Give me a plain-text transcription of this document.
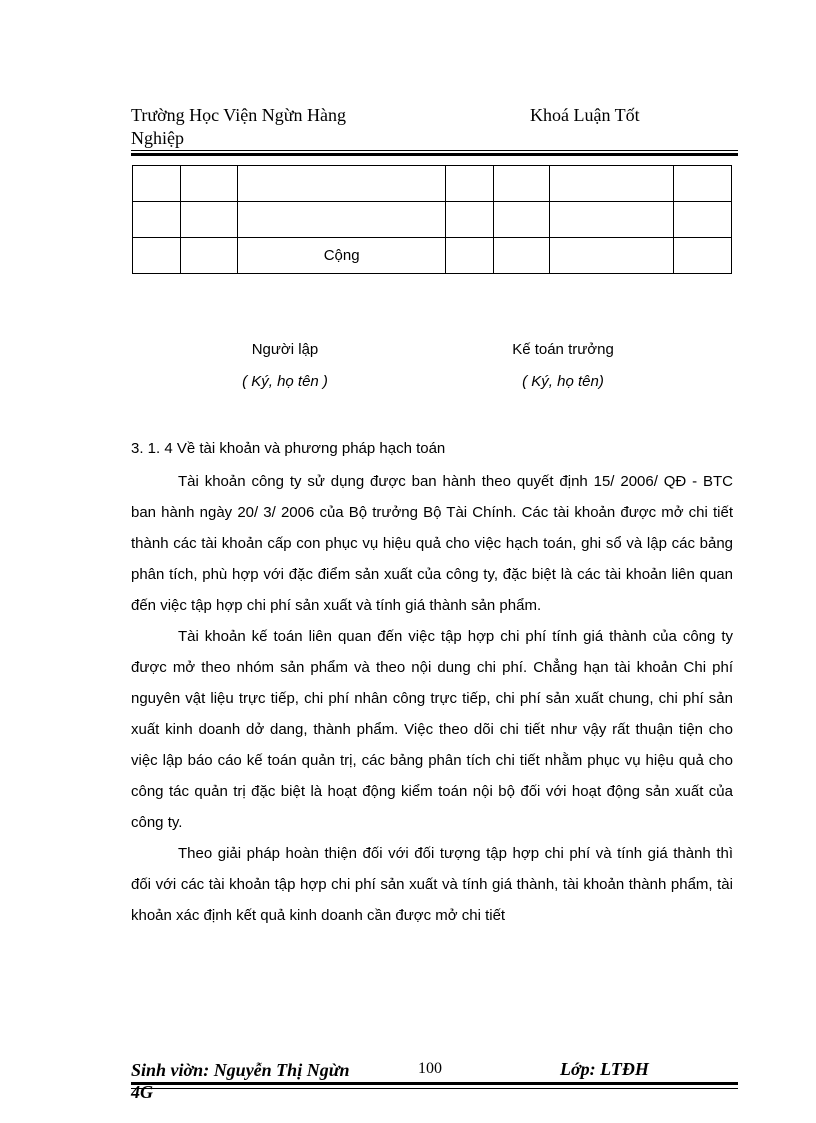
Trường Học Viện Ngừn Hàng
Nghiệp
Khoá Luận Tốt

		Cộng				
Người lập
( Ký, họ tên )
Kế toán trưởng
( Ký, họ tên)
3. 1. 4 Về tài khoản và phương pháp hạch toán

Tài khoản công ty sử dụng được ban hành theo quyết định 15/ 2006/ QĐ - BTC ban hành ngày 20/ 3/ 2006 của Bộ trưởng Bộ Tài Chính. Các tài khoản được mở chi tiết thành các tài khoản cấp con phục vụ hiệu quả cho việc hạch toán, ghi sổ và lập các bảng phân tích, phù hợp với đặc điểm sản xuất của công ty, đặc biệt là các tài khoản liên quan đến việc tập hợp chi phí sản xuất và tính giá thành sản phẩm.

Tài khoản kế toán liên quan đến việc tập hợp chi phí tính giá thành của công ty được mở theo nhóm sản phẩm và theo nội dung chi phí. Chẳng hạn tài khoản Chi phí nguyên vật liệu trực tiếp, chi phí nhân công trực tiếp, chi phí sản xuất chung, chi phí sản xuất kinh doanh dở dang, thành phẩm. Việc theo dõi chi tiết như vậy rất thuận tiện cho việc lập báo cáo kế toán quản trị, các bảng phân tích chi tiết nhằm phục vụ hiệu quả cho công tác quản trị đặc biệt là hoạt động kiểm toán nội bộ đối với hoạt động sản xuất của công ty.

Theo giải pháp hoàn thiện đối với đối tượng tập hợp chi phí và tính giá thành thì đối với các tài khoản tập hợp chi phí sản xuất và tính giá thành, tài khoản thành phẩm, tài khoản xác định kết quả kinh doanh cần được mở chi tiết

Sinh viờn: Nguyễn Thị Ngừn
4G
100	Lớp: LTĐH
